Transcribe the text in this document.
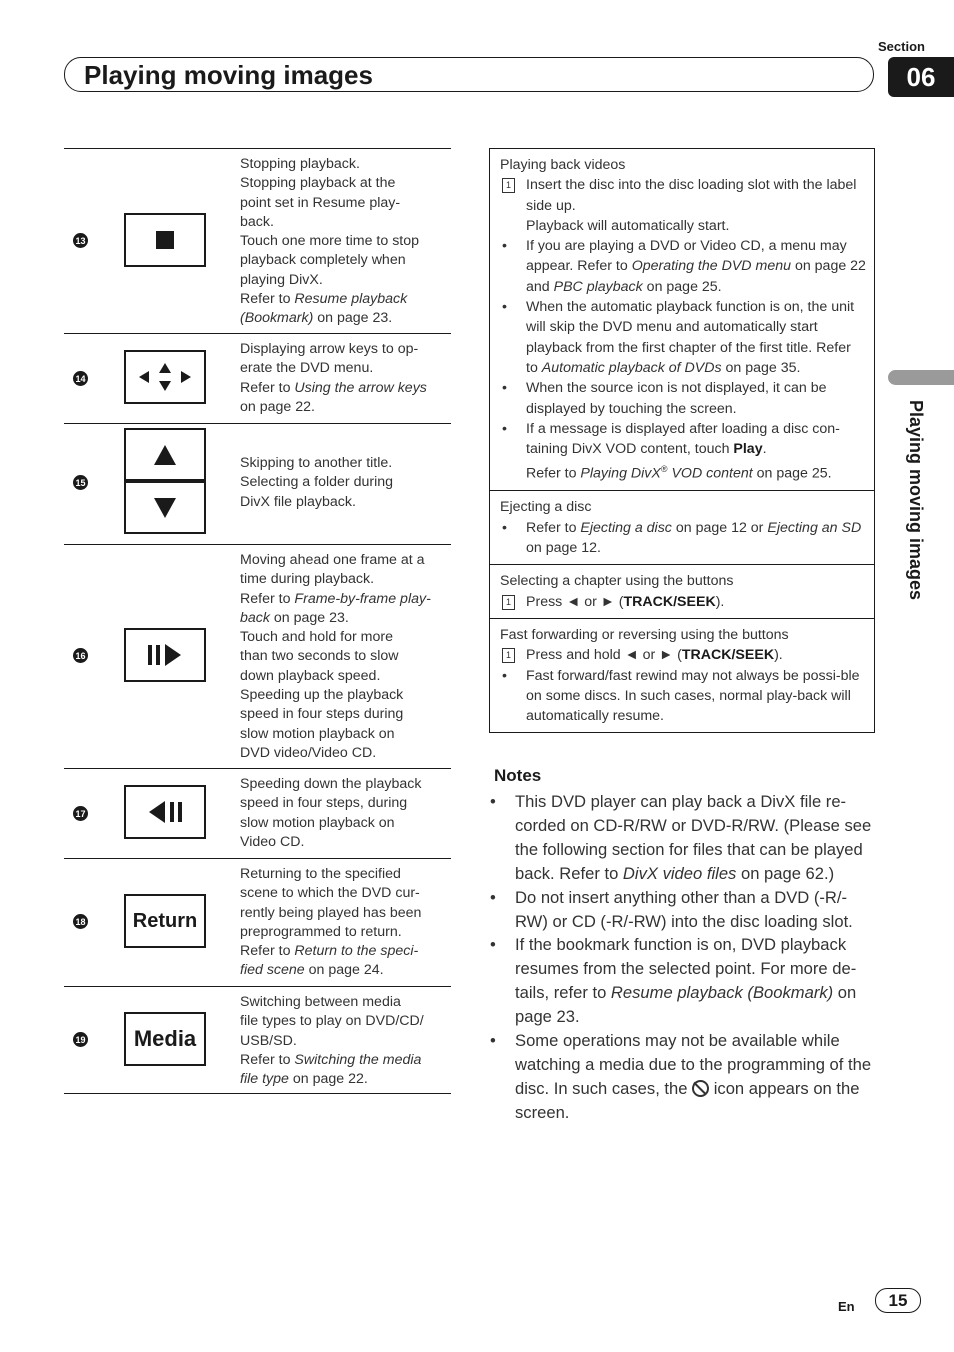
Section
06
Playing moving images
Playing moving images
13
Stopping playback.
Stopping playback at the
point set in Resume play-
back.
Touch one more time to stop
playback completely when
playing DivX.
Refer to Resume playback
(Bookmark) on page 23.
14
Displaying arrow keys to op-
erate the DVD menu.
Refer to Using the arrow keys
on page 22.
15
Skipping to another title.
Selecting a folder during
DivX file playback.
16
Moving ahead one frame at a
time during playback.
Refer to Frame-by-frame play-
back on page 23.
Touch and hold for more
than two seconds to slow
down playback speed.
Speeding up the playback
speed in four steps during
slow motion playback on
DVD video/Video CD.
17
Speeding down the playback
speed in four steps, during
slow motion playback on
Video CD.
18 Return
Returning to the specified
scene to which the DVD cur-
rently being played has been
preprogrammed to return.
Refer to Return to the speci-
fied scene on page 24.
19 Media
Switching between media
file types to play on DVD/CD/
USB/SD.
Refer to Switching the media
file type on page 22.
Playing back videos
1 Insert the disc into the disc loading slot with the label side up.
Playback will automatically start.
• If you are playing a DVD or Video CD, a menu may appear. Refer to Operating the DVD menu on page 22 and PBC playback on page 25.
• When the automatic playback function is on, the unit will skip the DVD menu and automatically start playback from the first chapter of the first title. Refer to Automatic playback of DVDs on page 35.
• When the source icon is not displayed, it can be displayed by touching the screen.
• If a message is displayed after loading a disc con-taining DivX VOD content, touch Play.
Refer to Playing DivX® VOD content on page 25.
Ejecting a disc
• Refer to Ejecting a disc on page 12 or Ejecting an SD on page 12.
Selecting a chapter using the buttons
1 Press ◄ or ► (TRACK/SEEK).
Fast forwarding or reversing using the buttons
1 Press and hold ◄ or ► (TRACK/SEEK).
• Fast forward/fast rewind may not always be possi-ble on some discs. In such cases, normal play-back will automatically resume.
Notes
• This DVD player can play back a DivX file re-corded on CD-R/RW or DVD-R/RW. (Please see the following section for files that can be played back. Refer to DivX video files on page 62.)
• Do not insert anything other than a DVD (-R/-RW) or CD (-R/-RW) into the disc loading slot.
• If the bookmark function is on, DVD playback resumes from the selected point. For more de-tails, refer to Resume playback (Bookmark) on page 23.
• Some operations may not be available while watching a media due to the programming of the disc. In such cases, the  icon appears on the screen.
En	15
